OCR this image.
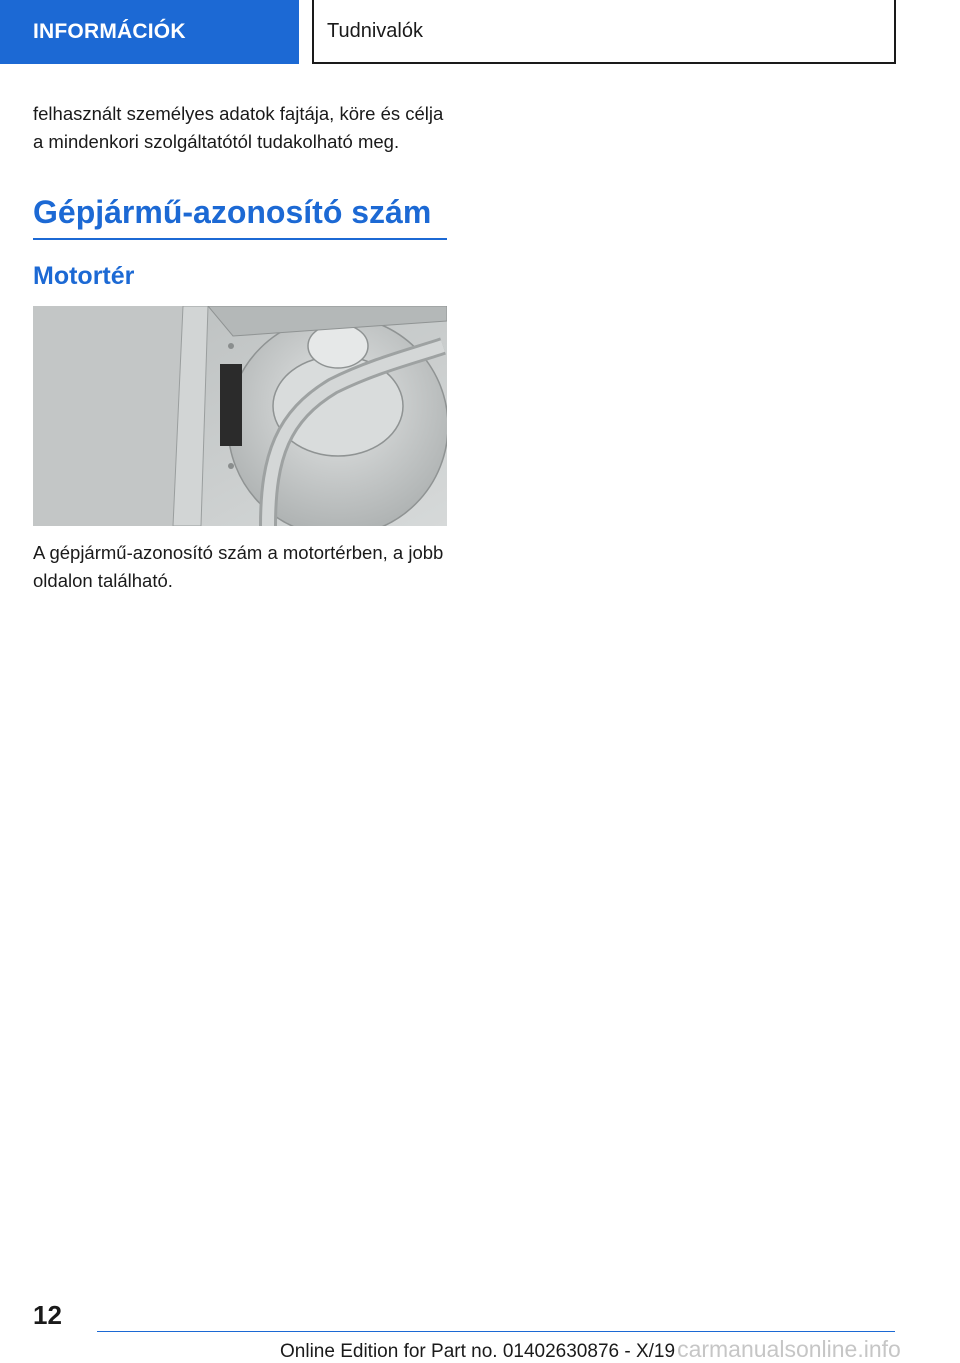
INFORMÁCIÓK	Tudnivalók

felhasznált személyes adatok fajtája, köre és célja a mindenkori szolgáltatótól tudakolható meg.

Gépjármű-azonosító szám
Motortér

A gépjármű-azonosító szám a motortérben, a jobb oldalon található.

12
Online Edition for Part no. 01402630876 - X/19carmanualsonline.info
